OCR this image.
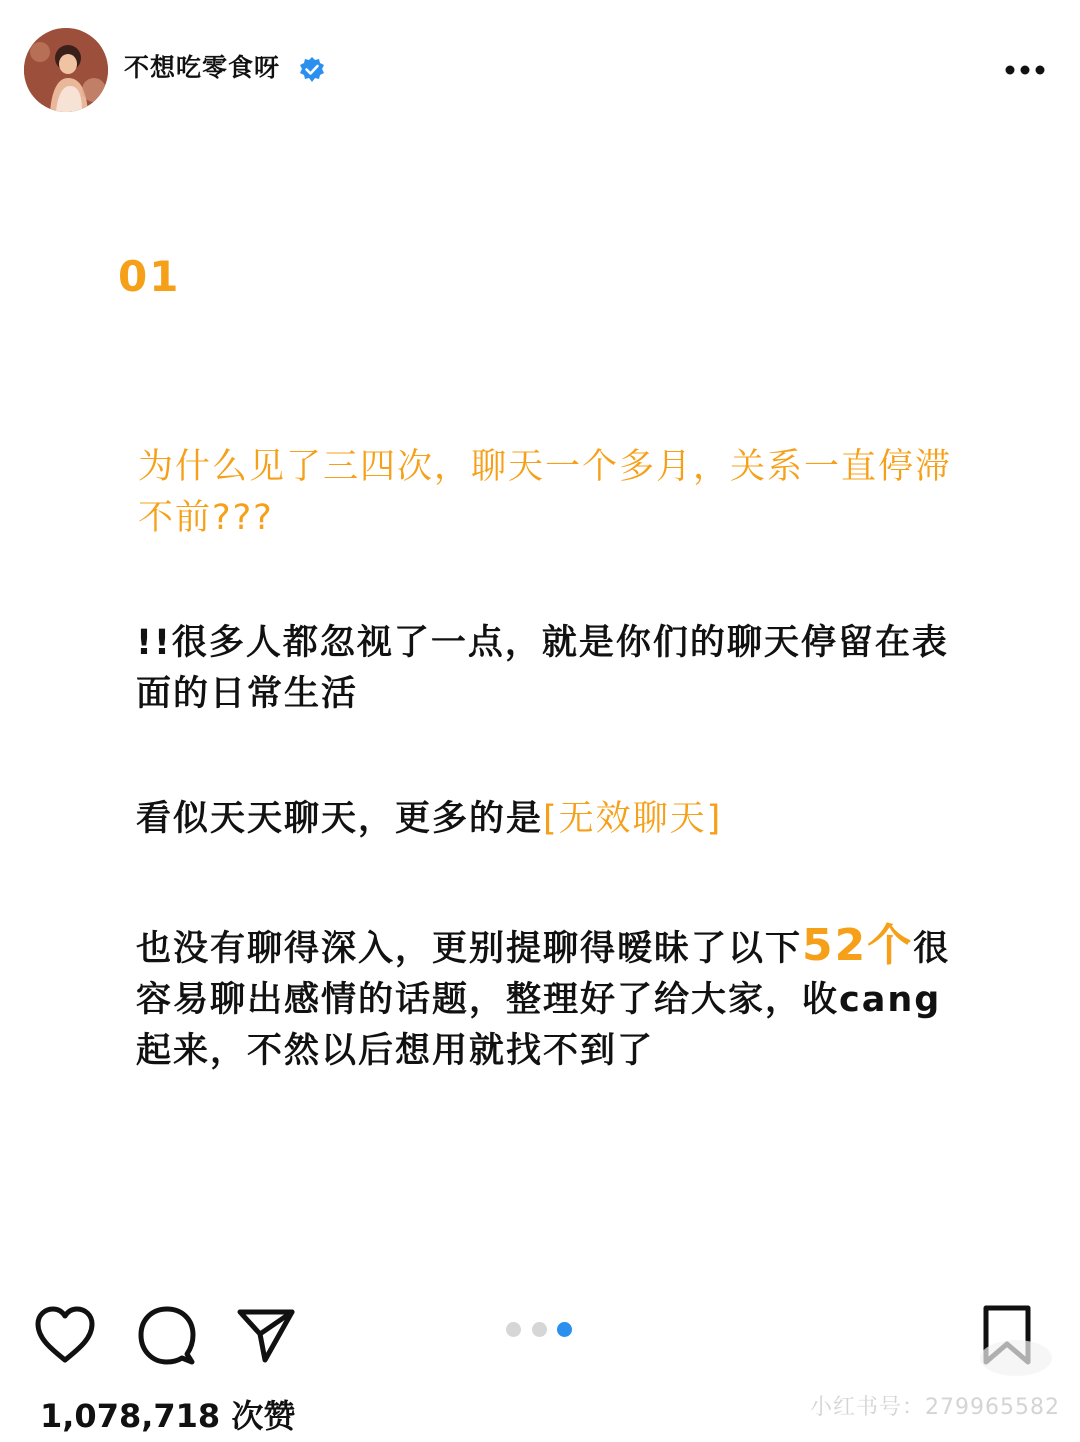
不想吃零食呀
01
为什么见了三四次，聊天一个多月，关系一直停滞不前???
!!很多人都忽视了一点，就是你们的聊天停留在表面的日常生活
看似天天聊天，更多的是[无效聊天]
也没有聊得深入，更别提聊得暧昧了以下52个很容易聊出感情的话题，整理好了给大家，收cang起来，不然以后想用就找不到了
1,078,718 次赞	小红书号：279965582
